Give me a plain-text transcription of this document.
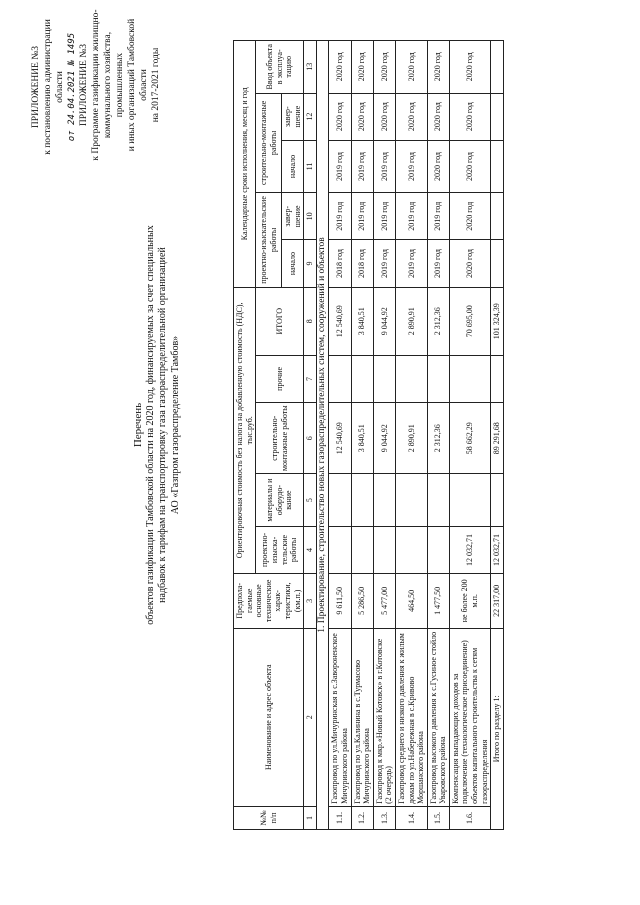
ПРИЛОЖЕНИЕ №3 к постановлению администрации области от 24.04.2021 № 1495 ПРИЛОЖЕНИЕ №3 к Программе газификации жилищно- коммунального хозяйства, промышленных и иных организаций Тамбовской области на 2017-2021 годы
Перечень объектов газификации Тамбовской области на 2020 год, финансируемых за счет специальных надбавок к тарифам на транспортировку газа газораспределительной организацией АО «Газпром газораспределение Тамбов»
№№ п/п	Наименование и адрес объекта	Предпола-гаемые основные технические харак-теристики, (км.п.)	Ориентировочная стоимость без налога на добавленную стоимость (НДС), тыс.руб.					Календарные сроки исполнения, месяц и год				
			проектно-изыска-тельские работы	материалы и оборудо-вание	строительно-монтажные работы	прочие	ИТОГО	проектно-изыскательские работы		строительно-монтажные работы		Ввод объекта в эксплуа-тацию
								начало	завер-шение	начало	завер-шение	
1	2	3	4	5	6	7	8	9	10	11	12	13
1. Проектирование, строительство новых газораспределительных систем, сооружений и объектов												
1.1.	Газопровод по ул.Мичуринская в с.Завороненское Мичуринского района	9 611,50			12 540,69		12 540,69	2018 год	2019 год	2019 год	2020 год	2020 год
1.2.	Газопровод по ул.Калинина в с.Турмасово Мичуринского района	5 286,50			3 840,51		3 840,51	2018 год	2019 год	2019 год	2020 год	2020 год
1.3.	Газопровод к мкр.«Новый Котовск» в г.Котовске (2 очередь)	5 477,00			9 044,92		9 044,92	2019 год	2019 год	2019 год	2020 год	2020 год
1.4.	Газопровод среднего и низкого давления к жилым домам по ул.Набережная в с.Кривово Моршанского района	464,50			2 890,91		2 890,91	2019 год	2019 год	2019 год	2020 год	2020 год
1.5.	Газопровод высокого давления к с.Гусиное стойло Уваровского района	1 477,50			2 312,36		2 312,36	2019 год	2019 год	2020 год	2020 год	2020 год
1.6.	Компенсация выпадающих доходов за подключение (технологическое присоединение) объектов капитального строительства к сетям газораспределения	не более 200 м.п.	12 032,71		58 662,29		70 695,00	2020 год	2020 год	2020 год	2020 год	2020 год
Итого по разделу 1:		22 317,00	12 032,71		89 291,68		101 324,39					
